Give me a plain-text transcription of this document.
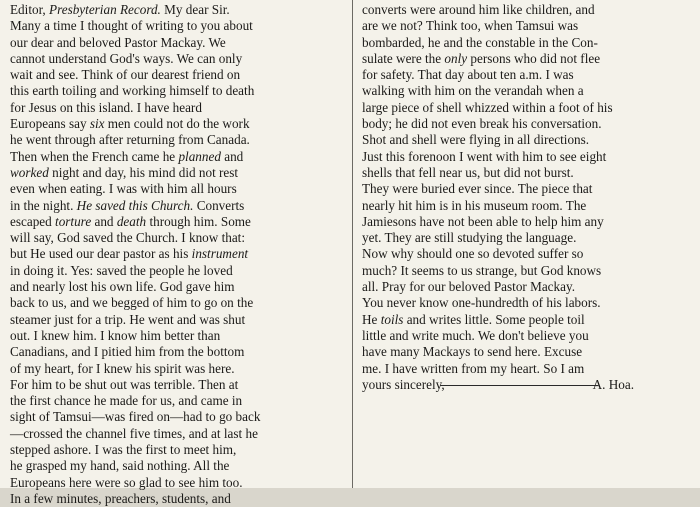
Editor, Presbyterian Record. My dear Sir.
Many a time I thought of writing to you about
our dear and beloved Pastor Mackay. We
cannot understand God's ways. We can only
wait and see. Think of our dearest friend on
this earth toiling and working himself to death
for Jesus on this island. I have heard
Europeans say six men could not do the work
he went through after returning from Canada.
Then when the French came he planned and
worked night and day, his mind did not rest
even when eating. I was with him all hours
in the night. He saved this Church. Converts
escaped torture and death through him. Some
will say, God saved the Church. I know that:
but He used our dear pastor as his instrument
in doing it. Yes: saved the people he loved
and nearly lost his own life. God gave him
back to us, and we begged of him to go on the
steamer just for a trip. He went and was shut
out. I knew him. I know him better than
Canadians, and I pitied him from the bottom
of my heart, for I knew his spirit was here.
For him to be shut out was terrible. Then at
the first chance he made for us, and came in
sight of Tamsui—was fired on—had to go back
—crossed the channel five times, and at last he
stepped ashore. I was the first to meet him,
he grasped my hand, said nothing. All the
Europeans here were so glad to see him too.
In a few minutes, preachers, students, and
converts were around him like children, and
are we not? Think too, when Tamsui was
bombarded, he and the constable in the Con-
sulate were the only persons who did not flee
for safety. That day about ten a.m. I was
walking with him on the verandah when a
large piece of shell whizzed within a foot of his
body; he did not even break his conversation.
Shot and shell were flying in all directions.
Just this forenoon I went with him to see eight
shells that fell near us, but did not burst.
They were buried ever since. The piece that
nearly hit him is in his museum room. The
Jamiesons have not been able to help him any
yet. They are still studying the language.
Now why should one so devoted suffer so
much? It seems to us strange, but God knows
all. Pray for our beloved Pastor Mackay.
You never know one-hundredth of his labors.
He toils and writes little. Some people toil
little and write much. We don't believe you
have many Mackays to send here. Excuse
me. I have written from my heart. So I am
yours sincerely,	A. Hoa.
